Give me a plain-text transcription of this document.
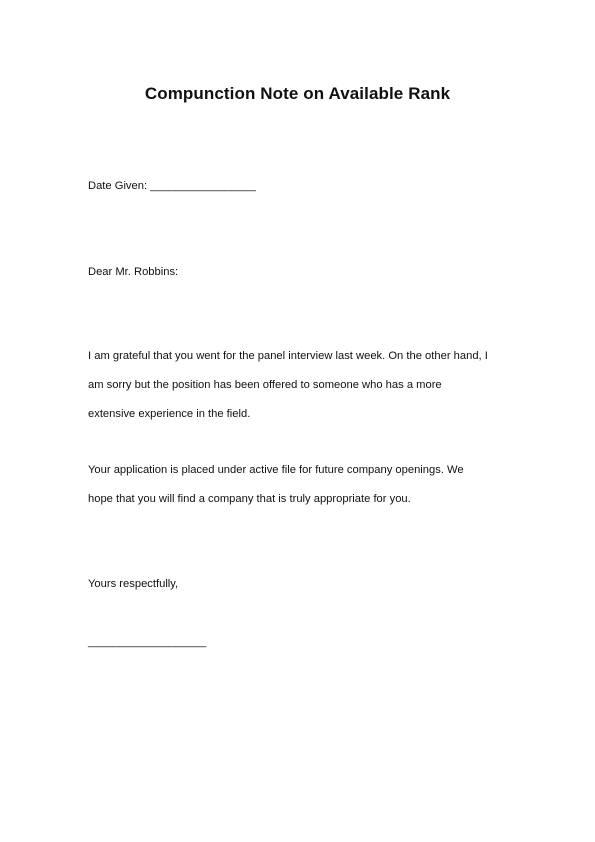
Compunction Note on Available Rank

Date Given: _________________

Dear Mr. Robbins:

I am grateful that you went for the panel interview last week. On the other hand, I

am sorry but the position has been offered to someone who has a more

extensive experience in the field.

Your application is placed under active file for future company openings. We

hope that you will find a company that is truly appropriate for you.

Yours respectfully,

___________________
